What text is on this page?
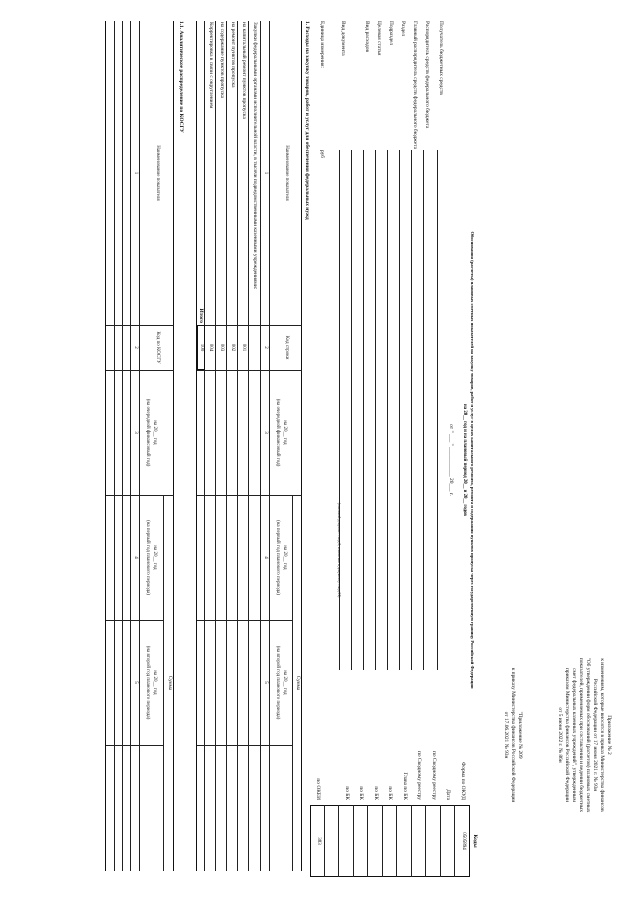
Приложение № 2
к изменениям, которые вносятся в приказ Министерства финансов
Российской Федерации от 17 июня 2021 г. № 93н
"Об утверждении форм обоснований (расчетов) плановых сметных
показателей, применяемых при составлении и ведении бюджетных
смет федеральных казенных учреждений", утвержденным
приказом Министерства финансов Российской Федерации
от 5 июня 2022 г. № 86н
"Приложение № 209
к приказу Министерства финансов Российской Федерации
от 17.06.2021 № 93н
Обоснования (расчеты) плановых сметных показателей на закупку товаров, работ и услуг в целях капитального ремонта, ремонта и содержания пунктов пропуска через государственную границу Российской Федерации
на 20__ год и на плановый период 20__ и 20__ годов
от " ___ " ___________ 20___ г.
Коды
Форма по ОКУД
0505894
Дата
по Сводному реестру
по Сводному реестру
Глава по БК
по БК
по БК
по БК
по БК
по ОКЕИ
383
Получатель бюджетных средств
Распорядитель средств федерального бюджета
Главный распорядитель средств федерального бюджета
Раздел
Подраздел
Целевая статья
Вид расходов
Вид документа
Единица измерения:
(основной документ – код 0; изменение к документу – код 01)
руб
1. Расходы на закупку товаров, работ и услуг для обеспечения федеральных нужд
Наименование показателя
Код строки
Сумма
на 20__ год
(на очередной финансовый год)
на 20__ год
(на первый год планового периода)
на 20__ год
(на второй год планового периода)
1
2
3
4
5
Закупки федеральными органами исполнительной власти, в тысячи подведомственными казенными учреждениями:
на капитальный ремонт пунктов пропуска
001
на ремонт пунктов пропуска
002
на содержание пунктов пропуска
003
Корректировка в связи с округлением
004
Итого
100
1.1. Аналитическое распределение по КОСГУ
Наименование показателя
Код по КОСГУ
Сумма
на 20__ год
(на очередной финансовый год)
на 20__ год
(на первый год планового периода)
на 20__ год
(на второй год планового периода)
1
2
3
4
5
